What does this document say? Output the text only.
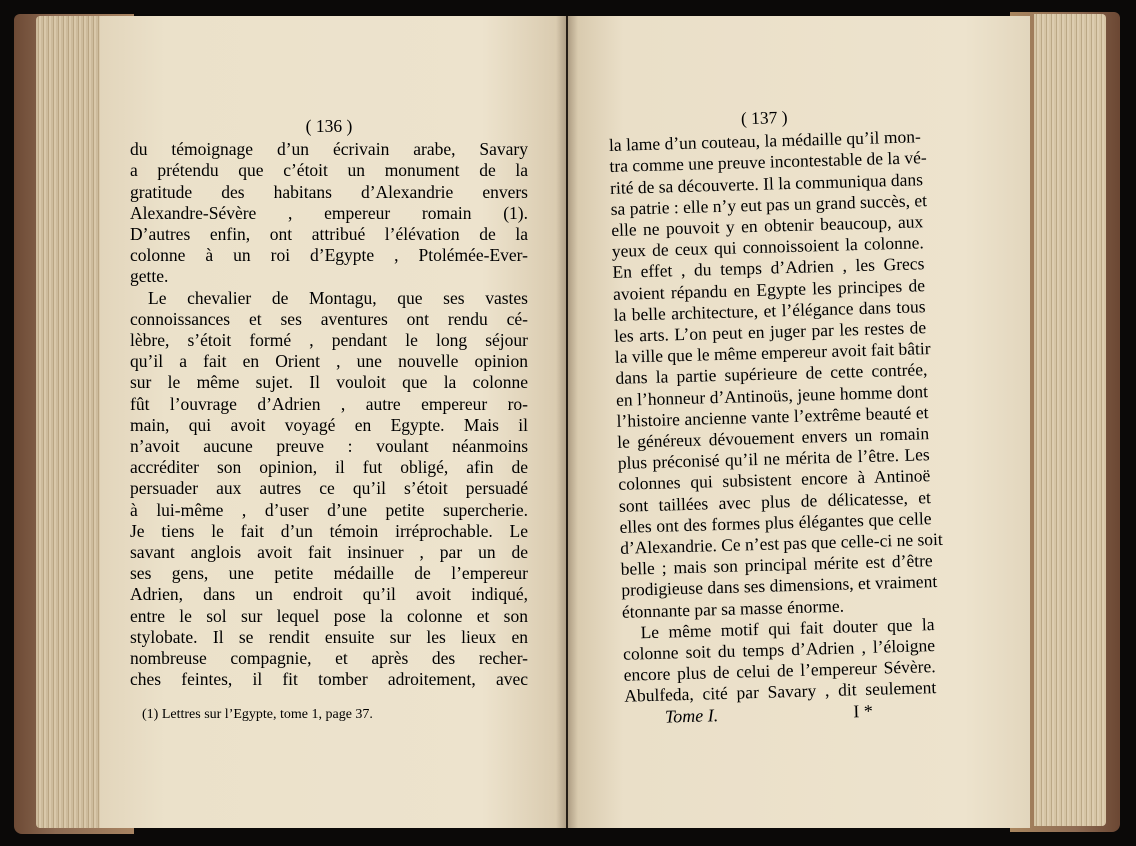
( 136 )
du témoignage d’un écrivain arabe, Savary
a prétendu que c’étoit un monument de la
gratitude des habitans d’Alexandrie envers
Alexandre-Sévère , empereur romain (1).
D’autres enfin, ont attribué l’élévation de la
colonne à un roi d’Egypte , Ptolémée-Ever-
gette.
Le chevalier de Montagu, que ses vastes
connoissances et ses aventures ont rendu cé-
lèbre, s’étoit formé , pendant le long séjour
qu’il a fait en Orient , une nouvelle opinion
sur le même sujet. Il vouloit que la colonne
fût l’ouvrage d’Adrien , autre empereur ro-
main, qui avoit voyagé en Egypte. Mais il
n’avoit aucune preuve : voulant néanmoins
accréditer son opinion, il fut obligé, afin de
persuader aux autres ce qu’il s’étoit persuadé
à lui-même , d’user d’une petite supercherie.
Je tiens le fait d’un témoin irréprochable. Le
savant anglois avoit fait insinuer , par un de
ses gens, une petite médaille de l’empereur
Adrien, dans un endroit qu’il avoit indiqué,
entre le sol sur lequel pose la colonne et son
stylobate. Il se rendit ensuite sur les lieux en
nombreuse compagnie, et après des recher-
ches feintes, il fit tomber adroitement, avec
(1) Lettres sur l’Egypte, tome 1, page 37.
( 137 )
la lame d’un couteau, la médaille qu’il mon-
tra comme une preuve incontestable de la vé-
rité de sa découverte. Il la communiqua dans
sa patrie : elle n’y eut pas un grand succès, et
elle ne pouvoit y en obtenir beaucoup, aux
yeux de ceux qui connoissoient la colonne.
En effet , du temps d’Adrien , les Grecs
avoient répandu en Egypte les principes de
la belle architecture, et l’élégance dans tous
les arts. L’on peut en juger par les restes de
la ville que le même empereur avoit fait bâtir
dans la partie supérieure de cette contrée,
en l’honneur d’Antinoüs, jeune homme dont
l’histoire ancienne vante l’extrême beauté et
le généreux dévouement envers un romain
plus préconisé qu’il ne mérita de l’être. Les
colonnes qui subsistent encore à Antinoë
sont taillées avec plus de délicatesse, et
elles ont des formes plus élégantes que celle
d’Alexandrie. Ce n’est pas que celle-ci ne soit
belle ; mais son principal mérite est d’être
prodigieuse dans ses dimensions, et vraiment
étonnante par sa masse énorme.
Le même motif qui fait douter que la
colonne soit du temps d’Adrien , l’éloigne
encore plus de celui de l’empereur Sévère.
Abulfeda, cité par Savary , dit seulement
Tome I.	I *
